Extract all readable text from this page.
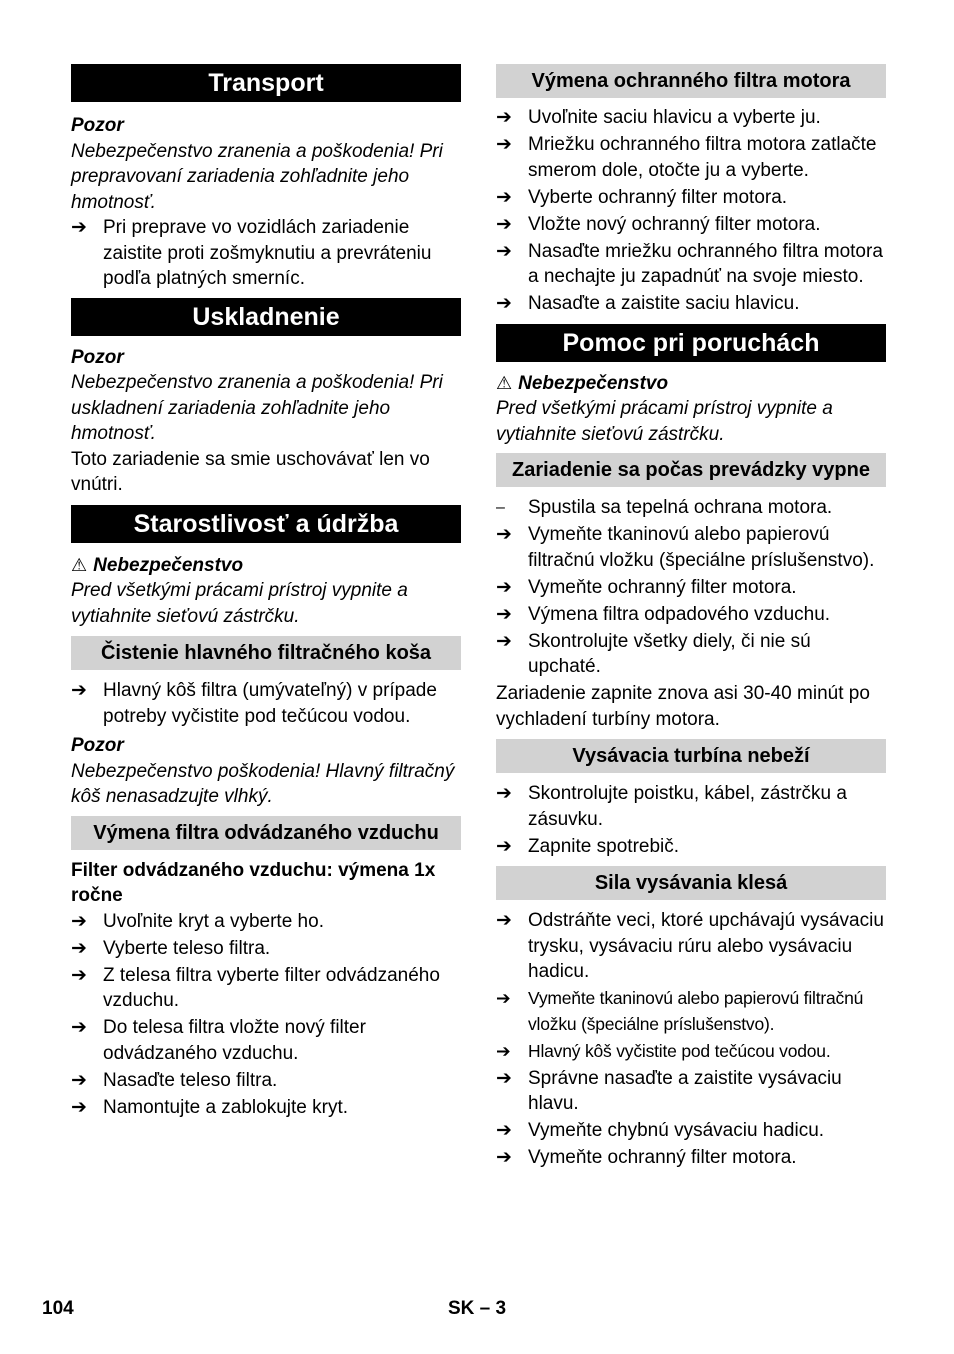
Transport

Pozor

Nebezpečenstvo zranenia a poškodenia! Pri prepravovaní zariadenia zohľadnite jeho hmotnosť.

➔ Pri preprave vo vozidlách zariadenie zaistite proti zošmyknutiu a prevráteniu podľa platných smerníc.
Uskladnenie

Pozor

Nebezpečenstvo zranenia a poškodenia! Pri uskladnení zariadenia zohľadnite jeho hmotnosť.

Toto zariadenie sa smie uschovávať len vo vnútri.

Starostlivosť a údržba

⚠ Nebezpečenstvo

Pred všetkými prácami prístroj vypnite a vytiahnite sieťovú zástrčku.

Čistenie hlavného filtračného koša
➔ Hlavný kôš filtra (umývateľný) v prípade potreby vyčistite pod tečúcou vodou.

Pozor

Nebezpečenstvo poškodenia! Hlavný filtračný kôš nenasadzujte vlhký.

Výmena filtra odvádzaného vzduchu

Filter odvádzaného vzduchu: výmena 1x ročne

➔ Uvoľnite kryt a vyberte ho.
➔ Vyberte teleso filtra.
➔ Z telesa filtra vyberte filter odvádzaného vzduchu.
➔ Do telesa filtra vložte nový filter odvádzaného vzduchu.
➔ Nasaďte teleso filtra.
➔ Namontujte a zablokujte kryt.
Výmena ochranného filtra motora
➔ Uvoľnite saciu hlavicu a vyberte ju.
➔ Mriežku ochranného filtra motora zatlačte smerom dole, otočte ju a vyberte.
➔ Vyberte ochranný filter motora.
➔ Vložte nový ochranný filter motora.
➔ Nasaďte mriežku ochranného filtra motora a nechajte ju zapadnúť na svoje miesto.
➔ Nasaďte a zaistite saciu hlavicu.
Pomoc pri poruchách

⚠ Nebezpečenstvo

Pred všetkými prácami prístroj vypnite a vytiahnite sieťovú zástrčku.

Zariadenie sa počas prevádzky vypne
–	Spustila sa tepelná ochrana motora.
➔ Vymeňte tkaninovú alebo papierovú filtračnú vložku (špeciálne príslušenstvo).
➔ Vymeňte ochranný filter motora.
➔ Výmena filtra odpadového vzduchu.
➔ Skontrolujte všetky diely, či nie sú upchaté.

Zariadenie zapnite znova asi 30-40 minút po vychladení turbíny motora.

Vysávacia turbína nebeží
➔ Skontrolujte poistku, kábel, zástrčku a zásuvku.
➔ Zapnite spotrebič.
Sila vysávania klesá
➔ Odstráňte veci, ktoré upchávajú vysávaciu trysku, vysávaciu rúru alebo vysávaciu hadicu.
➔	Vymeňte tkaninovú alebo papierovú filtračnú vložku (špeciálne príslušenstvo).
➔	Hlavný kôš vyčistite pod tečúcou vodou.
➔ Správne nasaďte a zaistite vysávaciu hlavu.
➔ Vymeňte chybnú vysávaciu hadicu.
➔ Vymeňte ochranný filter motora.
104	SK – 3
